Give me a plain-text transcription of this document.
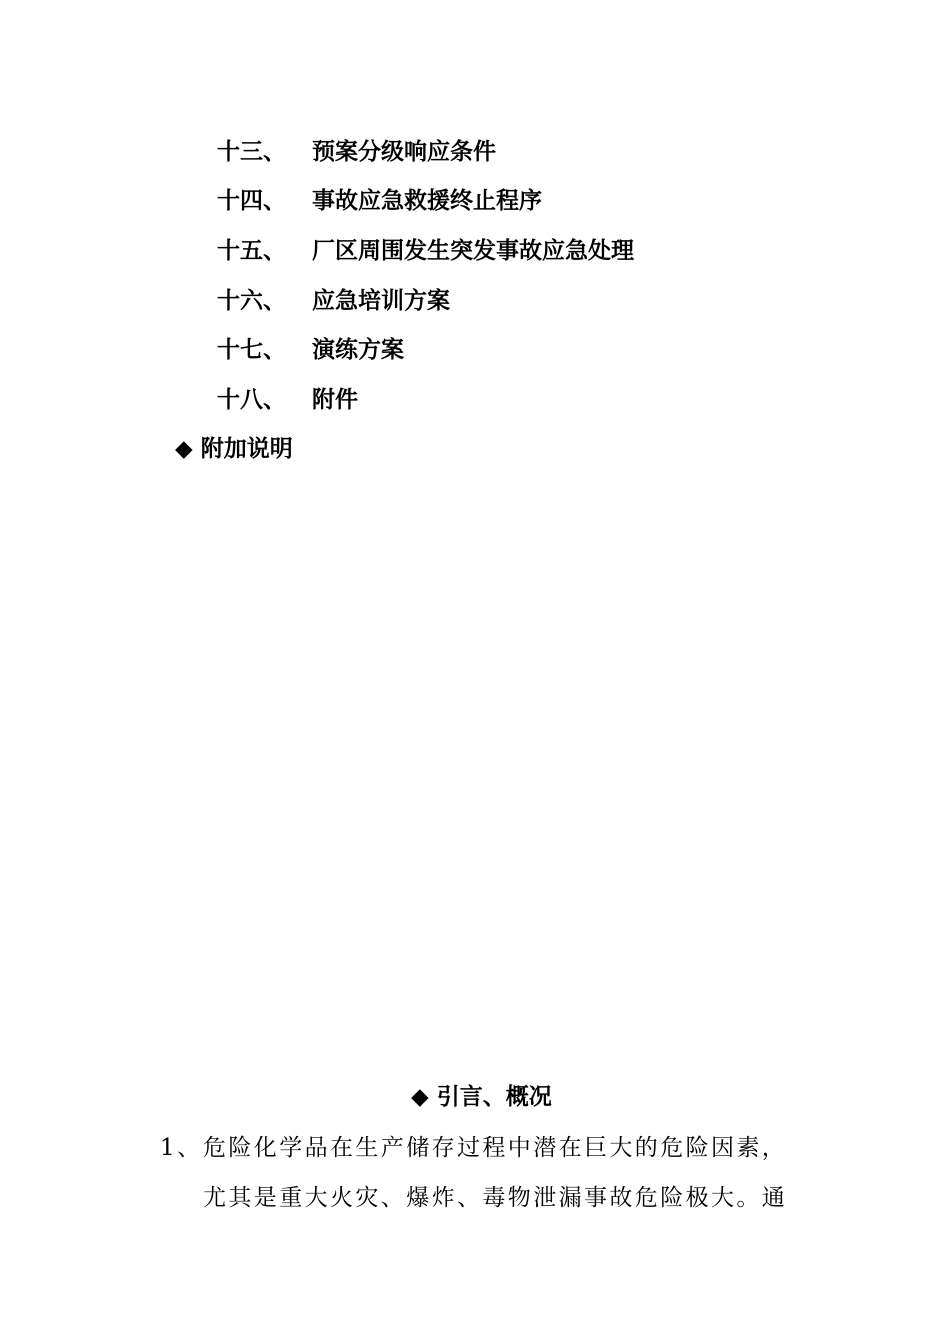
十三、 预案分级响应条件
十四、 事故应急救援终止程序
十五、 厂区周围发生突发事故应急处理
十六、 应急培训方案
十七、 演练方案
十八、 附件
◆ 附加说明
◆ 引言、概况
1、 危险化学品在生产储存过程中潜在巨大的危险因素，
尤其是重大火灾、爆炸、毒物泄漏事故危险极大。通
